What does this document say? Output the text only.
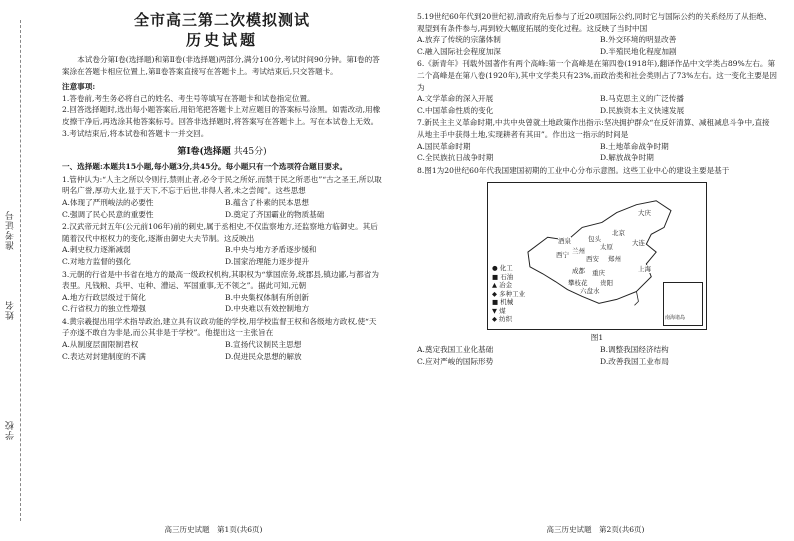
准考证号
姓名
学校
全市高三第二次模拟测试
历史试题

本试卷分第Ⅰ卷(选择题)和第Ⅱ卷(非选择题)两部分,满分100分,考试时间90分钟。第Ⅰ卷的答案涂在答题卡相应位置上,第Ⅱ卷答案直接写在答题卡上。考试结束后,只交答题卡。

注意事项:

1.答卷前,考生务必将自己的姓名、考生号等填写在答题卡和试卷指定位置。

2.回答选择题时,选出每小题答案后,用铅笔把答题卡上对应题目的答案标号涂黑。如需改动,用橡皮擦干净后,再选涂其他答案标号。回答非选择题时,将答案写在答题卡上。写在本试卷上无效。

3.考试结束后,将本试卷和答题卡一并交回。

第Ⅰ卷(选择题 共45分)

一、选择题:本题共15小题,每小题3分,共45分。每小题只有一个选项符合题目要求。

1.管仲认为:“人主之所以令则行,禁则止者,必令于民之所好,而禁于民之所恶也”“古之圣王,所以取明名广誉,厚功大业,显于天下,不忘于后世,非得人者,未之尝闻”。这些思想

A.体现了严刑峻法的必要性	B.蕴含了朴素的民本思想
C.强调了民心民意的重要性	D.奠定了齐国霸业的物质基础

2.汉武帝元封五年(公元前106年)前的刺史,属于丞相史,不仅监察地方,还监察地方临御史。其后随着汉代中枢权力的变化,逐渐由御史大夫节制。这反映出

A.刺史权力逐渐减弱	B.中央与地方矛盾逐步缓和
C.对地方监督的强化	D.国家治理能力逐步提升

3.元朝的行省是中书省在地方的最高一级政权机构,其职权为“掌国庶务,统郡县,镇边鄙,与都省为表里。凡钱粮、兵甲、屯种、漕运、军国重事,无不领之”。据此可知,元朝

A.地方行政层级过于简化	B.中央集权体制有所创新
C.行省权力的独立性增强	D.中央难以有效控制地方

4.黄宗羲提出用学术指导政治,建立具有议政功能的学校,用学校监督王权和各级地方政权,使“天子亦遂不敢自为非是,而公其非是于学校”。他提出这一主张旨在

A.从制度层面限制君权	B.宣扬代议制民主思想
C.表达对封建制度的不满	D.促进民众思想的解放
高三历史试题　第1页(共6页)

5.19世纪60年代到20世纪初,清政府先后参与了近20项国际公约,同时它与国际公约的关系经历了从拒绝、观望到有条件参与,再到较大幅度拓展的变化过程。这反映了当时中国

A.放弃了传统的宗藩体制	B.外交环境的明显改善
C.融入国际社会程度加深	D.半殖民地化程度加剧

6.《新青年》刊载外国著作有两个高峰:第一个高峰是在第四卷(1918年),翻译作品中文学类占89%左右。第二个高峰是在第八卷(1920年),其中文学类只有23%,而政治类和社会类则占了73%左右。这一变化主要是因为

A.文学革命的深入开展	B.马克思主义的广泛传播
C.中国革命性质的变化	D.民族资本主义快速发展

7.新民主主义革命时期,中共中央曾就土地政策作出指示:坚决拥护群众“在反奸清算、减租减息斗争中,直接从地主手中获得土地,实现耕者有其田”。作出这一指示的时间是

A.国民革命时期	B.土地革命战争时期
C.全民族抗日战争时期	D.解放战争时期

8.图1为20世纪60年代我国建国初期的工业中心分布示意图。这些工业中心的建设主要是基于

大庆
北京
大连
酒泉
兰州
包头
太原
西宁	西安 郑州
成都 重庆
贵阳
上海
六盘水
攀枝花
● 化工
■ 石油
▲ 冶金
◆ 多种工业
■ 机械
▼ 煤
◆ 纺织	南海诸岛

图1

A.奠定我国工业化基础	B.调整我国经济结构
C.应对严峻的国际形势	D.改善我国工业布局
高三历史试题　第2页(共6页)
